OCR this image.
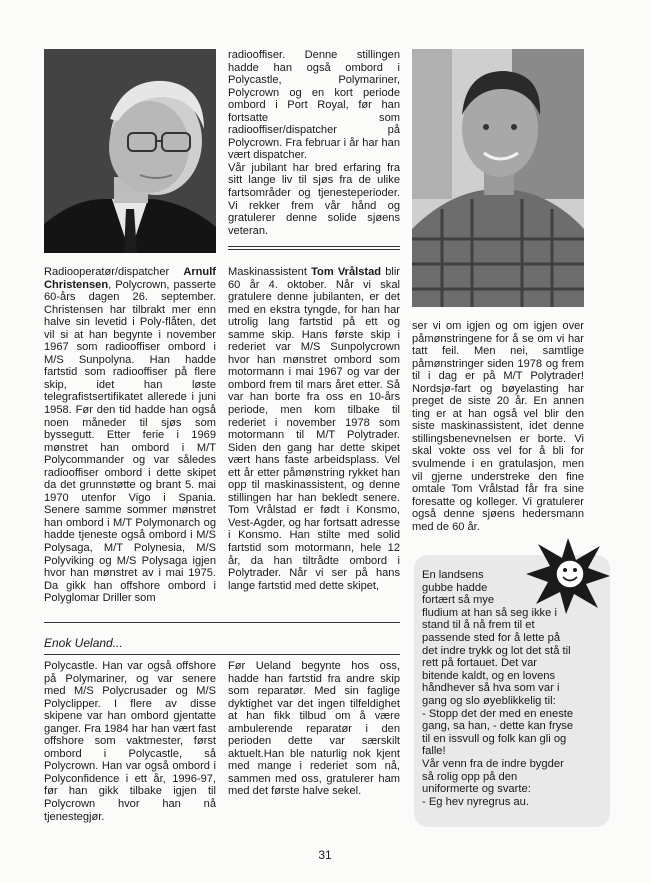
Radiooperatør/dispatcher Arnulf Christensen, Polycrown, passerte 60-års dagen 26. september. Christensen har tilbrakt mer enn halve sin levetid i Poly-flåten, det vil si at han begynte i november 1967 som radiooffiser ombord i M/S Sunpolyna. Han hadde fartstid som radiooffiser på flere skip, idet han løste telegrafistsertifikatet allerede i juni 1958. Før den tid hadde han også noen måneder til sjøs som byssegutt. Etter ferie i 1969 mønstret han ombord i M/T Polycommander og var således radiooffiser ombord i dette skipet da det grunnstøtte og brant 5. mai 1970 utenfor Vigo i Spania. Senere samme sommer mønstret han ombord i M/T Polymonarch og hadde tjeneste også ombord i M/S Polysaga, M/T Polynesia, M/S Polyviking og M/S Polysaga igjen hvor han mønstret av i mai 1975. Da gikk han offshore ombord i Polyglomar Driller som

radiooffiser. Denne stillingen hadde han også ombord i Polycastle, Polymariner, Polycrown og en kort periode ombord i Port Royal, før han fortsatte som radiooffiser/dispatcher på Polycrown. Fra februar i år har han vært dispatcher.

Vår jubilant har bred erfaring fra sitt lange liv til sjøs fra de ulike fartsområder og tjenesteperioder. Vi rekker frem vår hånd og gratulerer denne solide sjøens veteran.

Maskinassistent Tom Vrålstad blir 60 år 4. oktober. Når vi skal gratulere denne jubilanten, er det med en ekstra tyngde, for han har utrolig lang fartstid på ett og samme skip. Hans første skip i rederiet var M/S Sunpolycrown hvor han mønstret ombord som motormann i mai 1967 og var der ombord frem til mars året etter. Så var han borte fra oss en 10-års periode, men kom tilbake til rederiet i november 1978 som motormann til M/T Polytrader. Siden den gang har dette skipet vært hans faste arbeidsplass. Vel ett år etter påmønstring rykket han opp til maskinassistent, og denne stillingen har han bekledt senere. Tom Vrålstad er født i Konsmo, Vest-Agder, og har fortsatt adresse i Konsmo. Han stilte med solid fartstid som motormann, hele 12 år, da han tiltrådte ombord i Polytrader. Når vi ser på hans lange fartstid med dette skipet,

ser vi om igjen og om igjen over påmønstringene for å se om vi har tatt feil. Men nei, samtlige påmønstringer siden 1978 og frem til i dag er på M/T Polytrader! Nordsjø-fart og bøyelasting har preget de siste 20 år. En annen ting er at han også vel blir den siste maskinassistent, idet denne stillingsbenevnelsen er borte. Vi skal vokte oss vel for å bli for svulmende i en gratulasjon, men vil gjerne understreke den fine omtale Tom Vrålstad får fra sine foresatte og kolleger. Vi gratulerer også denne sjøens hedersmann med de 60 år.

Enok Ueland...

Polycastle. Han var også offshore på Polymariner, og var senere med M/S Polycrusader og M/S Polyclipper. I flere av disse skipene var han ombord gjentatte ganger. Fra 1984 har han vært fast offshore som vaktmester, først ombord i Polycastle, så Polycrown. Han var også ombord i Polyconfidence i ett år, 1996-97, før han gikk tilbake igjen til Polycrown hvor han nå tjenestegjør.

Før Ueland begynte hos oss, hadde han fartstid fra andre skip som reparatør. Med sin faglige dyktighet var det ingen tilfeldighet at han fikk tilbud om å være ambulerende reparatør i den perioden dette var særskilt aktuelt.Han ble naturlig nok kjent med mange i rederiet som nå, sammen med oss, gratulerer ham med det første halve sekel.

En landsens

gubbe hadde

fortært så mye

fludium at han så seg ikke i

stand til å nå frem til et

passende sted for å lette på

det indre trykk og lot det stå til

rett på fortauet. Det var

bitende kaldt, og en lovens

håndhever så hva som var i

gang og slo øyeblikkelig til:

- Stopp det der med en eneste

gang, sa han, - dette kan fryse

til en issvull og folk kan gli og

falle!

Vår venn fra de indre bygder

så rolig opp på den

uniformerte og svarte:

- Eg hev nyregrus au.

31
